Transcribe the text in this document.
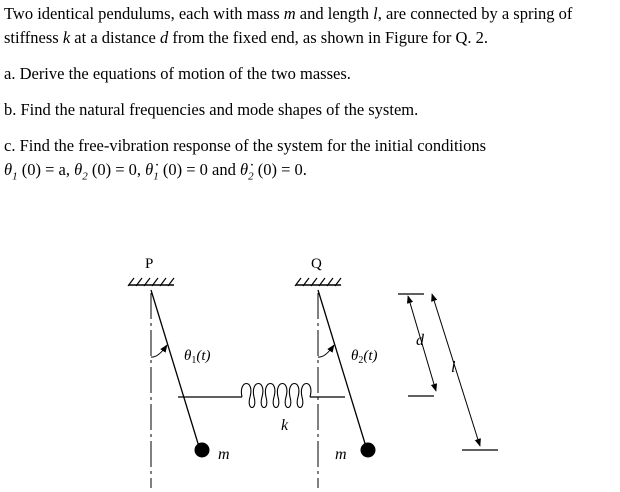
Two identical pendulums, each with mass m and length l, are connected by a spring of stiffness k at a distance d from the fixed end, as shown in Figure for Q. 2.

a. Derive the equations of motion of the two masses.

b. Find the natural frequencies and mode shapes of the system.

c. Find the free-vibration response of the system for the initial conditions
$\theta_1$ (0) = a, $\theta_2$ (0) = 0, $\thetȧ_1$ (0) = 0 and $\thetȧ_2$ (0) = 0.

P	Q
$\theta_1(t)$	$\theta_2(t)$
k
m	m
d
l
